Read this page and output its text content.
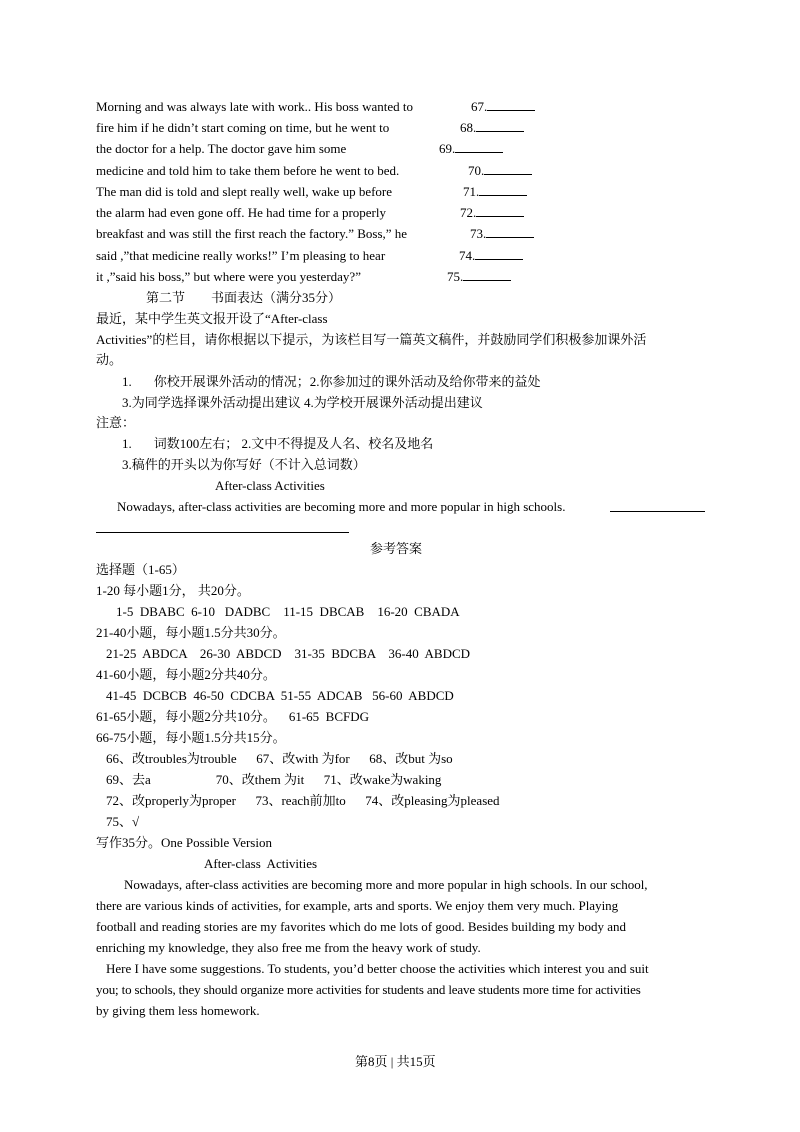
Morning and was always late with work.. His boss wanted to	67.
fire him if he didn’t start coming on time, but he went to	68.
the doctor for a help. The doctor gave him some	69.
medicine and told him to take them before he went to bed.	70.
The man did is told and slept really well, wake up before	71.
the alarm had even gone off. He had time for a properly	72.
breakfast and was still the first reach the factory.” Boss,” he	73.
said ,”that medicine really works!” I’m pleasing to hear	74.
it ,”said his boss,” but where were you yesterday?”	75.
第二节　　书面表达（满分35分）
最近，某中学生英文报开设了“After-class
Activities”的栏目，请你根据以下提示，为该栏目写一篇英文稿件，并鼓励同学们积极参加课外活
动。
1. 你校开展课外活动的情况；2.你参加过的课外活动及给你带来的益处
3.为同学选择课外活动提出建议 4.为学校开展课外活动提出建议
注意：
1. 词数100左右； 2.文中不得提及人名、校名及地名
3.稿件的开头以为你写好（不计入总词数）
After-class Activities
Nowadays, after-class activities are becoming more and more popular in high schools.
参考答案
选择题（1-65）
1-20 每小题1分， 共20分。
1-5  DBABC  6-10   DADBC    11-15  DBCAB    16-20  CBADA
21-40小题，每小题1.5分共30分。
21-25  ABDCA    26-30  ABDCD    31-35  BDCBA    36-40  ABDCD
41-60小题，每小题2分共40分。
41-45  DCBCB  46-50  CDCBA  51-55  ADCAB   56-60  ABDCD
61-65小题，每小题2分共10分。    61-65  BCFDG
66-75小题，每小题1.5分共15分。
66、改troubles为trouble      67、改with 为for      68、改but 为so
69、去a                    70、改them 为it      71、改wake为waking
72、改properly为proper      73、reach前加to      74、改pleasing为pleased
75、√
写作35分。One Possible Version
After-class  Activities
Nowadays, after-class activities are becoming more and more popular in high schools. In our school,
there are various kinds of activities, for example, arts and sports. We enjoy them very much. Playing
football and reading stories are my favorites which do me lots of good. Besides building my body and
enriching my knowledge, they also free me from the heavy work of study.
Here I have some suggestions. To students, you’d better choose the activities which interest you and suit
you; to schools, they should organize more activities for students and leave students more time for activities
by giving them less homework.
第8页 | 共15页
